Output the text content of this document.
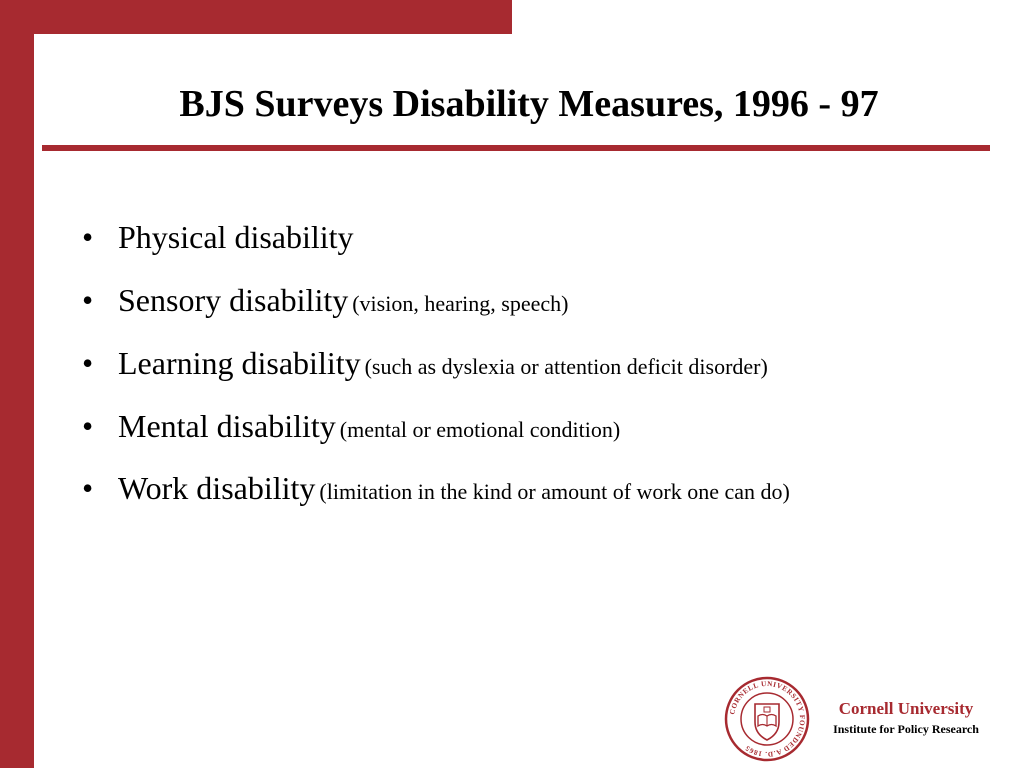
BJS Surveys Disability Measures, 1996 - 97
• Physical disability
• Sensory disability (vision, hearing, speech)
• Learning disability (such as dyslexia or attention deficit disorder)
• Mental disability (mental or emotional condition)
• Work disability (limitation in the kind or amount of work one can do)
CORNELL UNIVERSITY FOUNDED A.D. 1865
Cornell University
Institute for Policy Research
